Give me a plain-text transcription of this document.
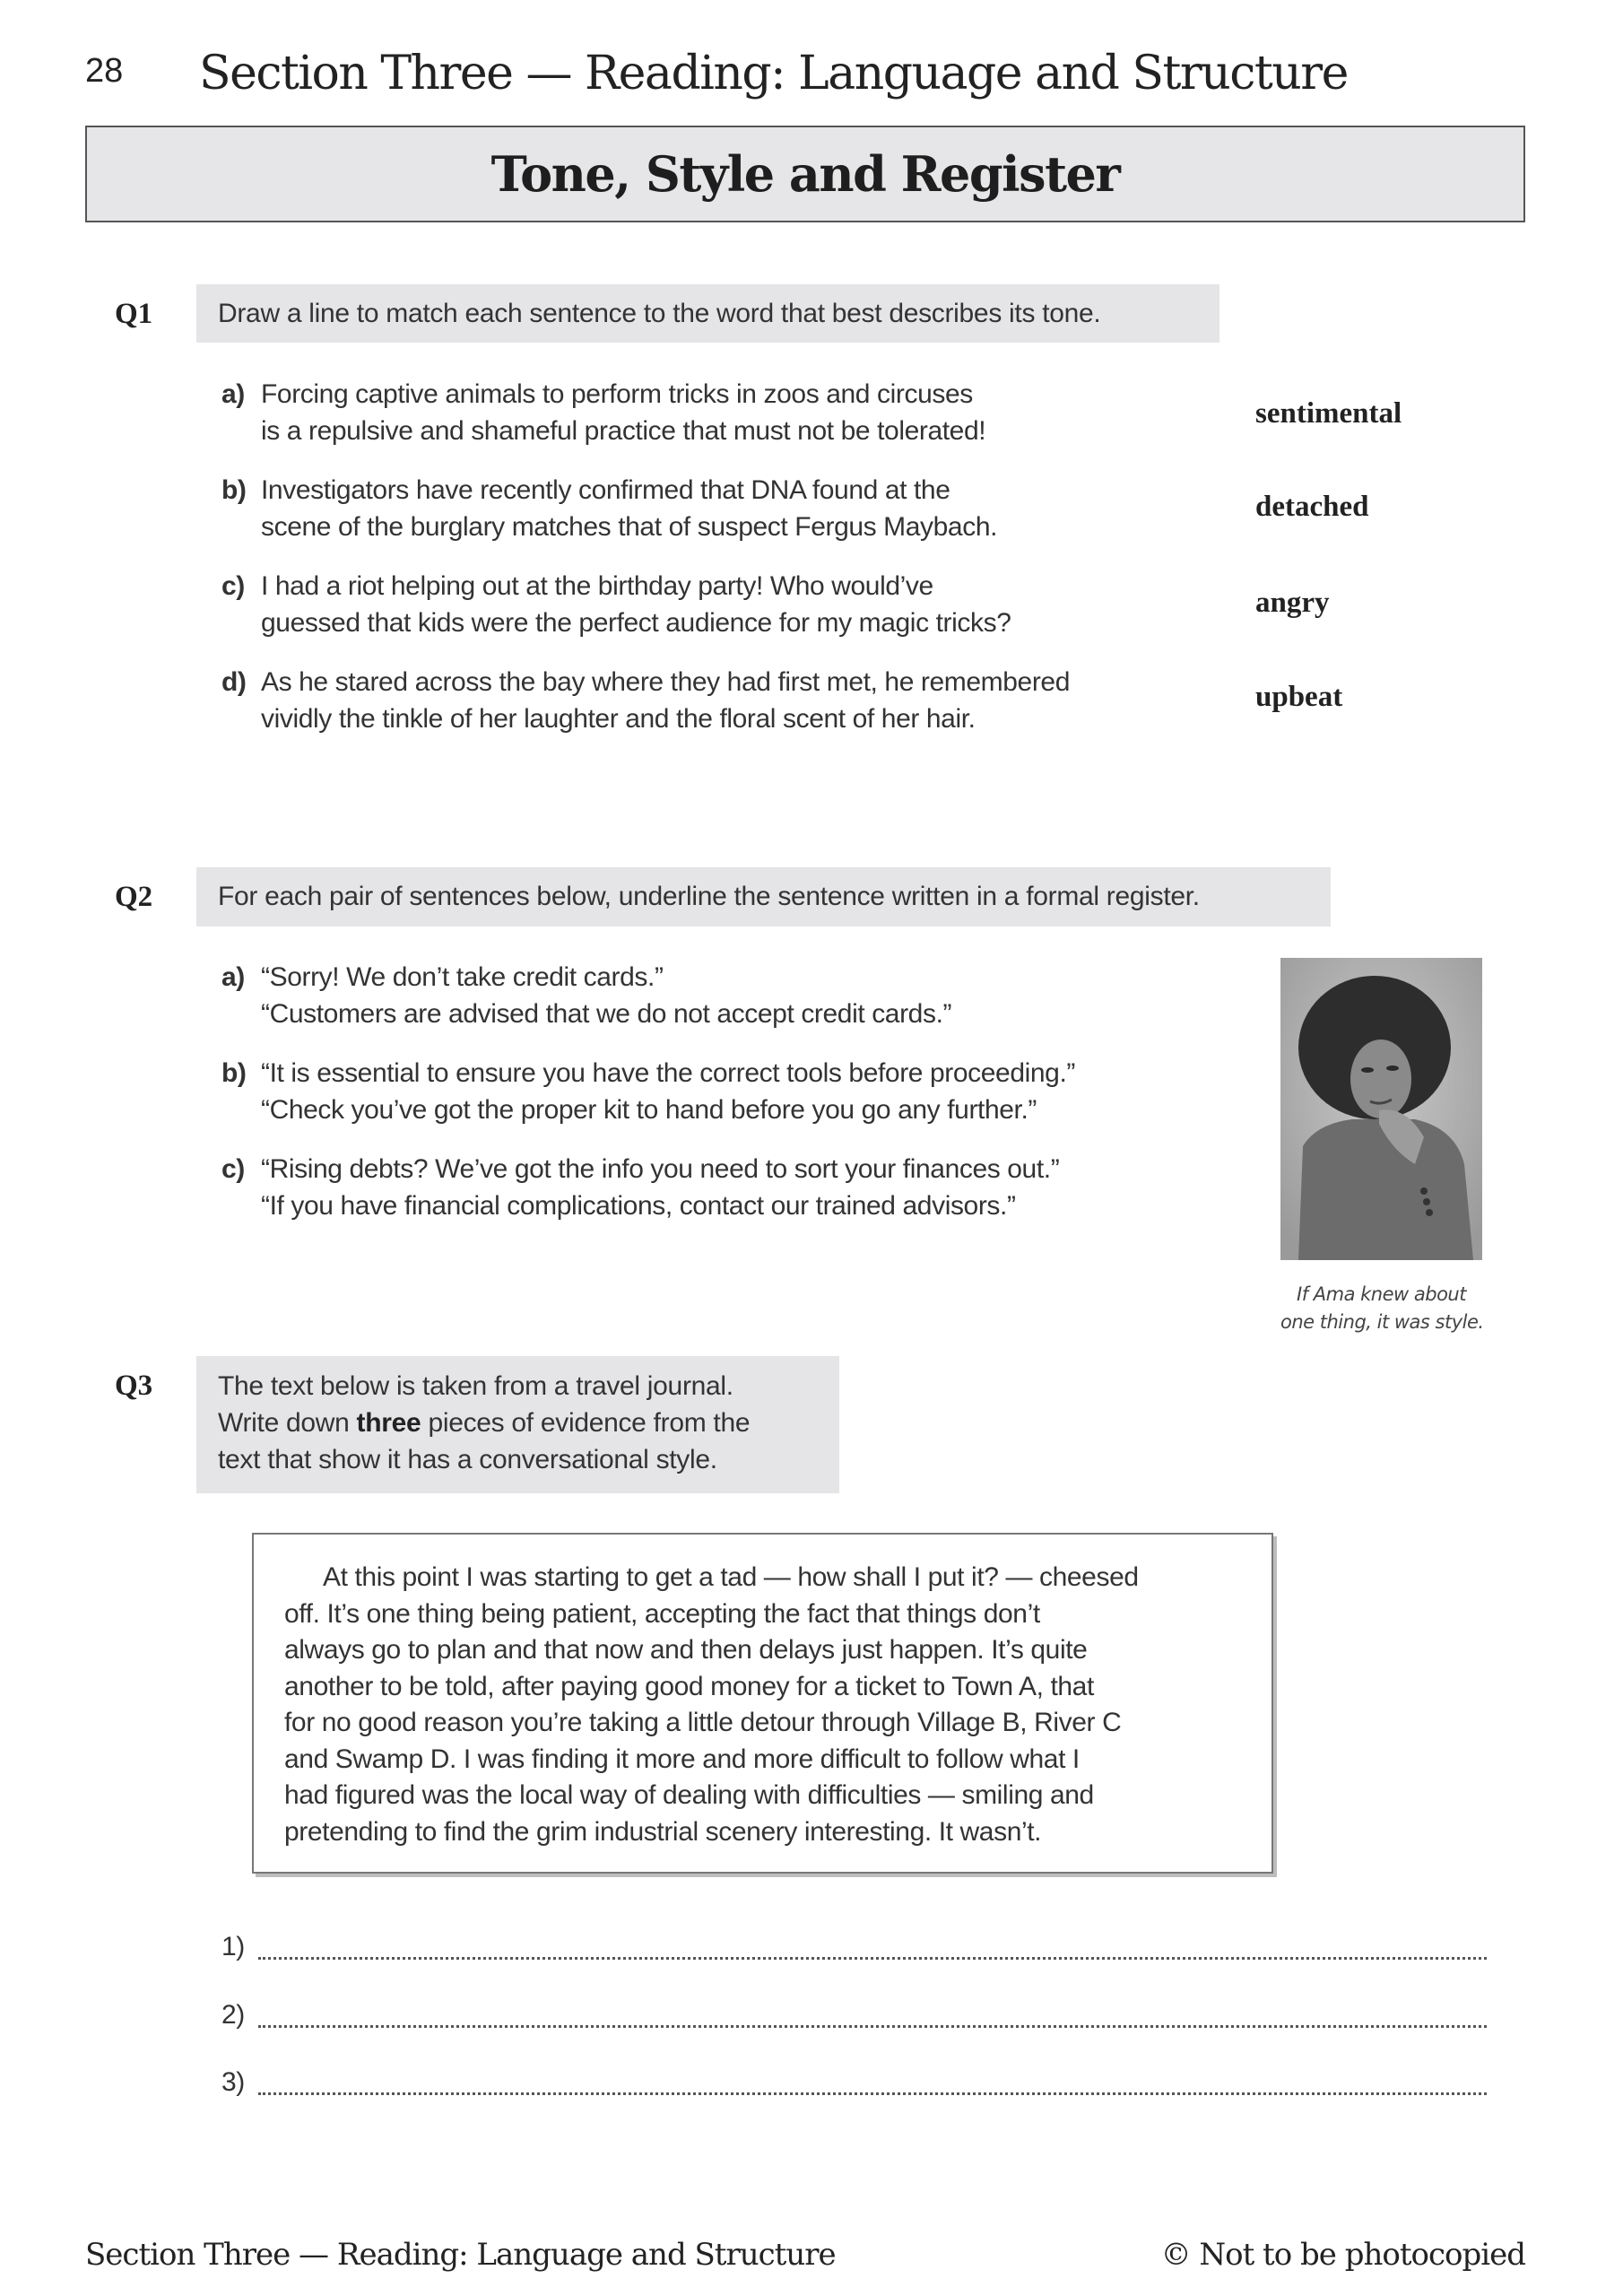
28 Section Three — Reading: Language and Structure
Tone, Style and Register
Q1	Draw a line to match each sentence to the word that best describes its tone.
a) Forcing captive animals to perform tricks in zoos and circuses
is a repulsive and shameful practice that must not be tolerated!
b) Investigators have recently confirmed that DNA found at the
scene of the burglary matches that of suspect Fergus Maybach.
c) I had a riot helping out at the birthday party! Who would’ve
guessed that kids were the perfect audience for my magic tricks?
d) As he stared across the bay where they had first met, he remembered
vividly the tinkle of her laughter and the floral scent of her hair.
sentimental
detached
angry
upbeat
Q2	For each pair of sentences below, underline the sentence written in a formal register.
a) “Sorry! We don’t take credit cards.”
“Customers are advised that we do not accept credit cards.”
b) “It is essential to ensure you have the correct tools before proceeding.”
“Check you’ve got the proper kit to hand before you go any further.”
c) “Rising debts? We’ve got the info you need to sort your finances out.”
“If you have financial complications, contact our trained advisors.”
If Ama knew about
one thing, it was style.
Q3 The text below is taken from a travel journal.
Write down three pieces of evidence from the
text that show it has a conversational style.
At this point I was starting to get a tad — how shall I put it? — cheesed
off. It’s one thing being patient, accepting the fact that things don’t
always go to plan and that now and then delays just happen. It’s quite
another to be told, after paying good money for a ticket to Town A, that
for no good reason you’re taking a little detour through Village B, River C
and Swamp D. I was finding it more and more difficult to follow what I
had figured was the local way of dealing with difficulties — smiling and
pretending to find the grim industrial scenery interesting. It wasn’t.
1)
2)
3)
Section Three — Reading: Language and Structure	© Not to be photocopied
